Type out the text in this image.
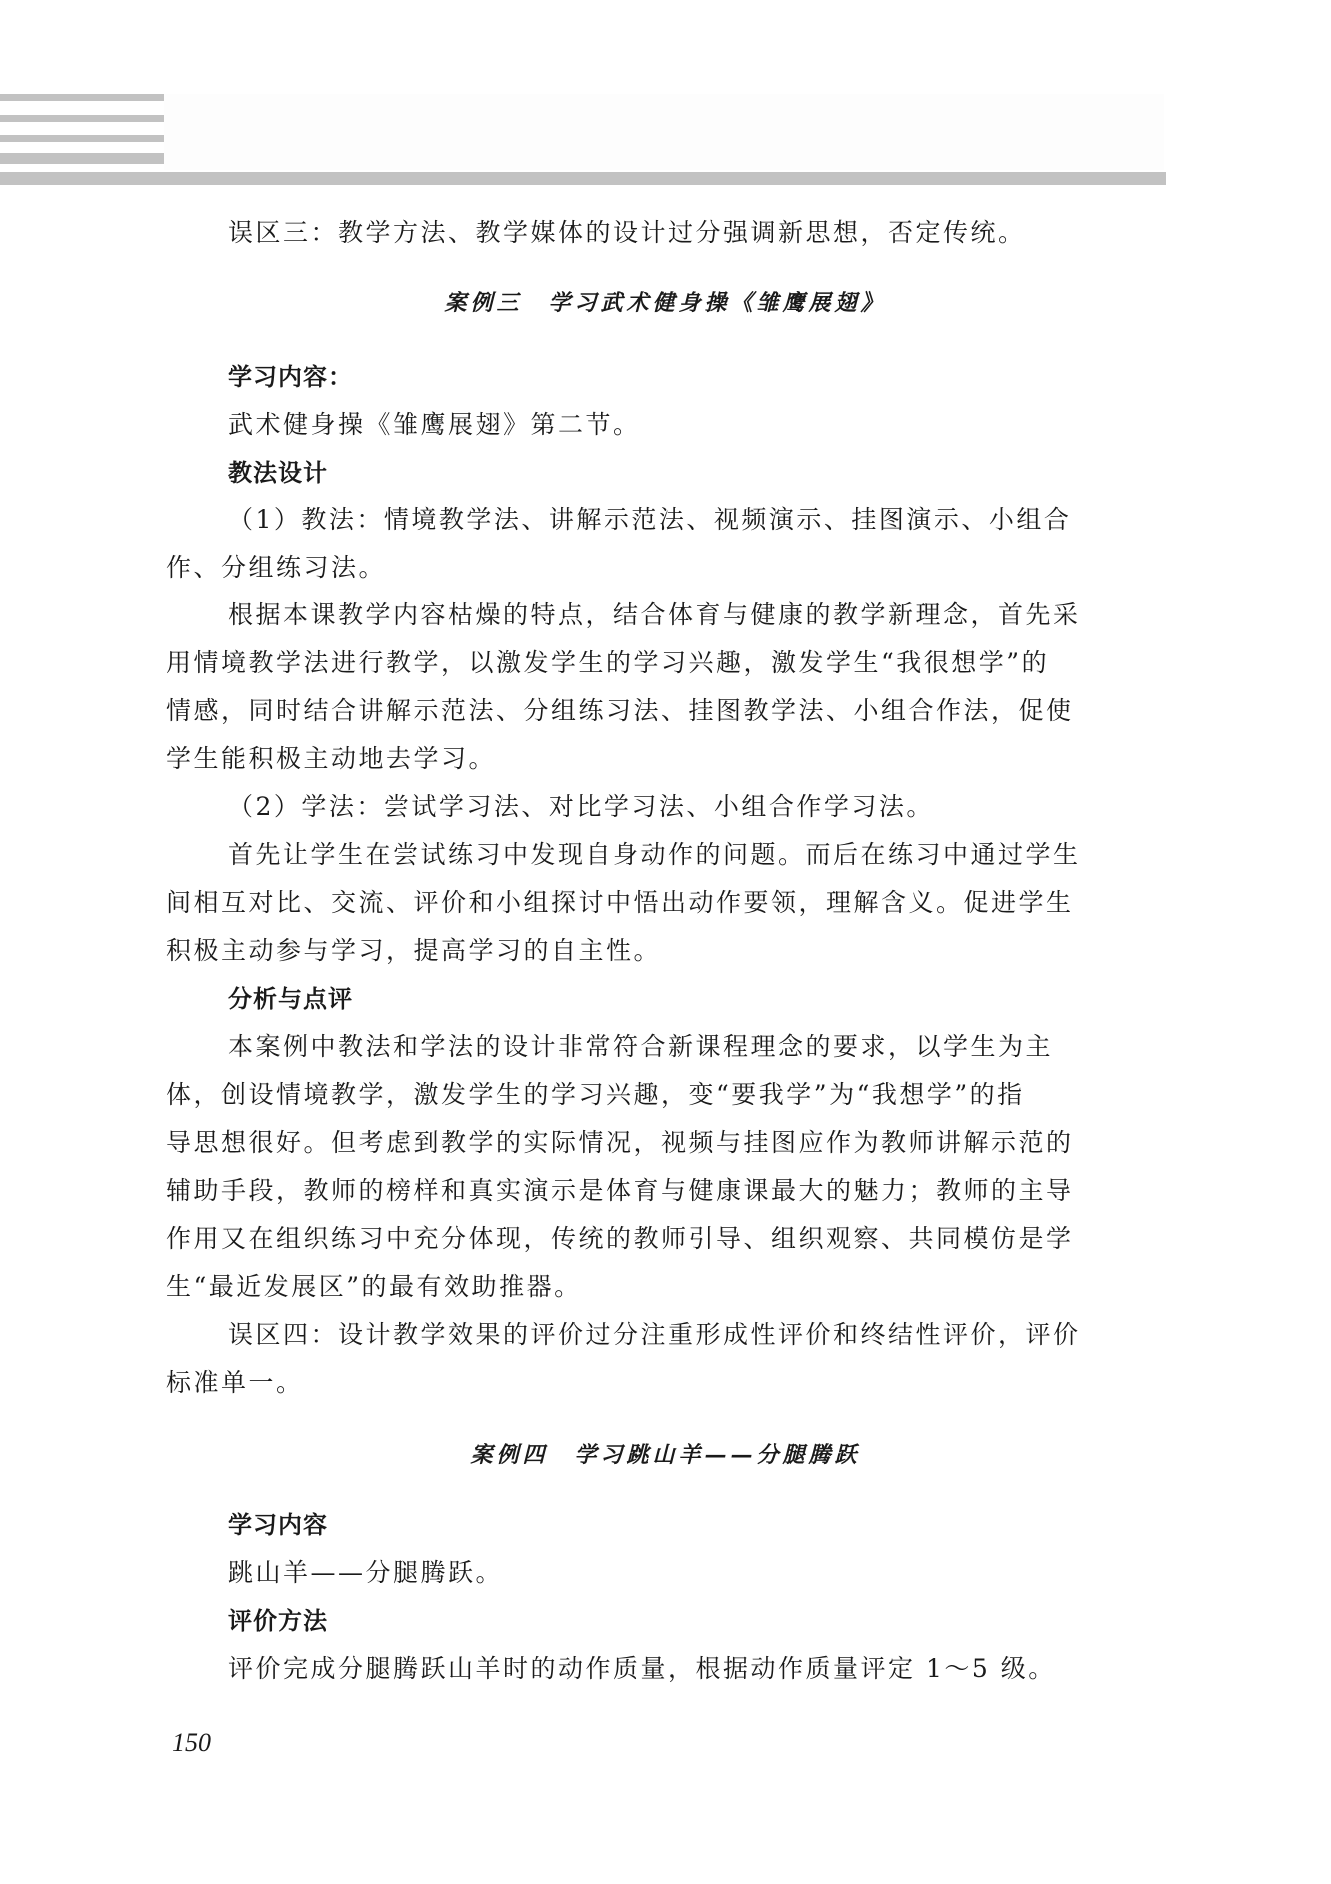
误区三：教学方法、教学媒体的设计过分强调新思想，否定传统。
案例三　学习武术健身操《雏鹰展翅》
学习内容：
武术健身操《雏鹰展翅》第二节。
教法设计
（1）教法：情境教学法、讲解示范法、视频演示、挂图演示、小组合
作、分组练习法。
根据本课教学内容枯燥的特点，结合体育与健康的教学新理念，首先采
用情境教学法进行教学，以激发学生的学习兴趣，激发学生“我很想学”的
情感，同时结合讲解示范法、分组练习法、挂图教学法、小组合作法，促使
学生能积极主动地去学习。
（2）学法：尝试学习法、对比学习法、小组合作学习法。
首先让学生在尝试练习中发现自身动作的问题。而后在练习中通过学生
间相互对比、交流、评价和小组探讨中悟出动作要领，理解含义。促进学生
积极主动参与学习，提高学习的自主性。
分析与点评
本案例中教法和学法的设计非常符合新课程理念的要求，以学生为主
体，创设情境教学，激发学生的学习兴趣，变“要我学”为“我想学”的指
导思想很好。但考虑到教学的实际情况，视频与挂图应作为教师讲解示范的
辅助手段，教师的榜样和真实演示是体育与健康课最大的魅力；教师的主导
作用又在组织练习中充分体现，传统的教师引导、组织观察、共同模仿是学
生“最近发展区”的最有效助推器。
误区四：设计教学效果的评价过分注重形成性评价和终结性评价，评价
标准单一。
案例四　学习跳山羊——分腿腾跃
学习内容
跳山羊——分腿腾跃。
评价方法
评价完成分腿腾跃山羊时的动作质量，根据动作质量评定 1～5 级。
150
